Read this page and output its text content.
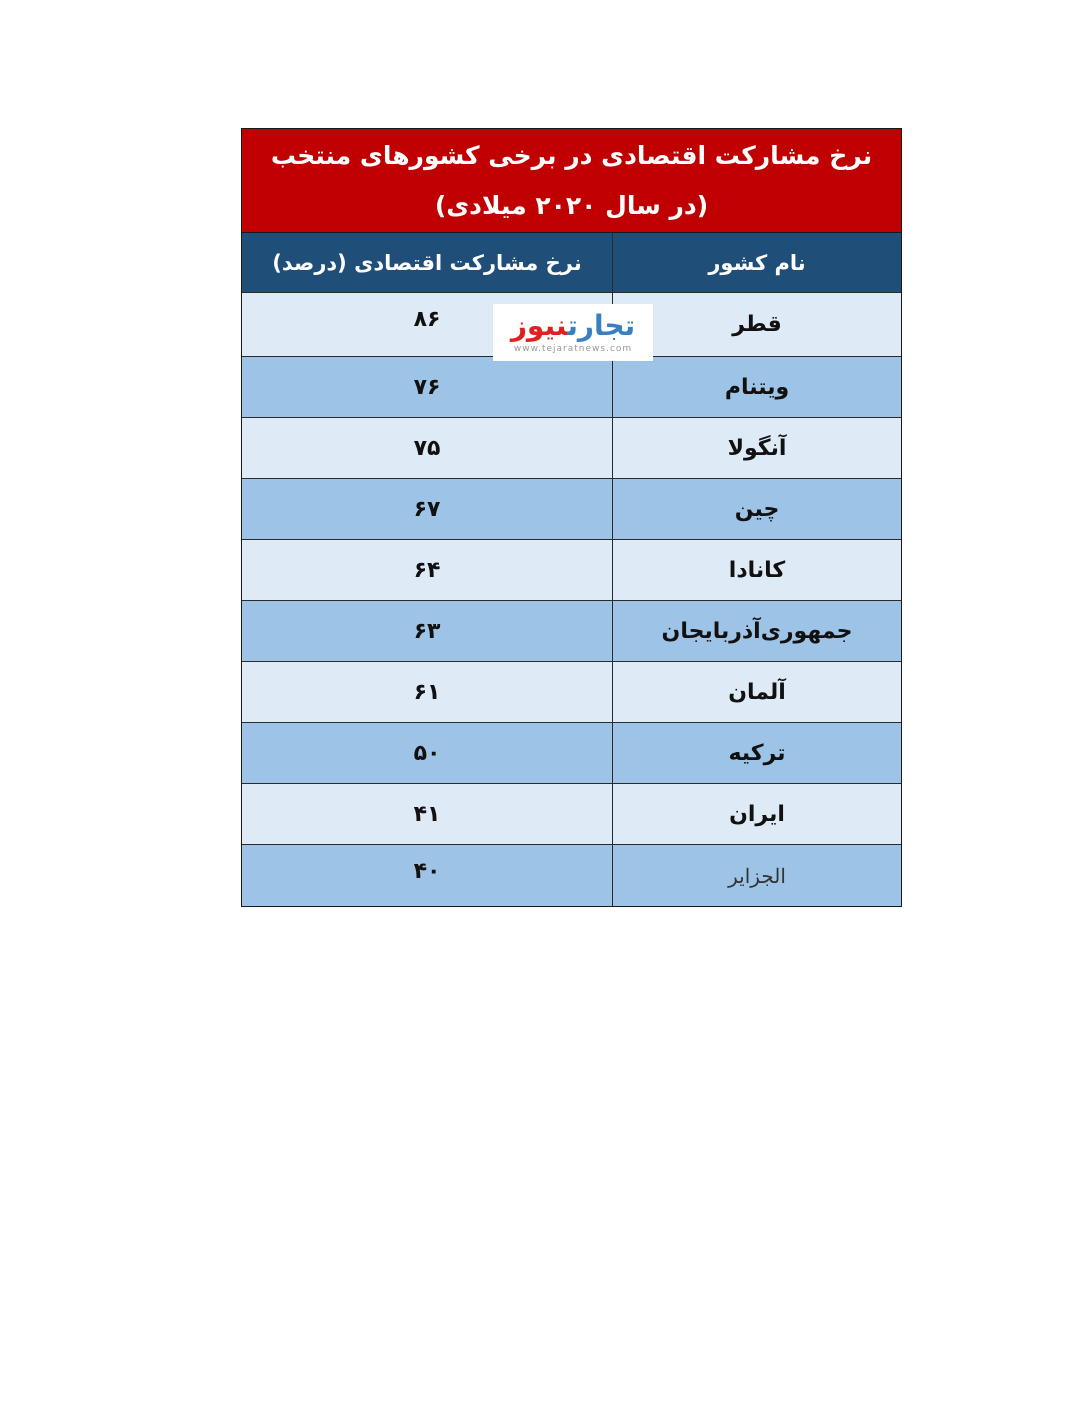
نرخ مشارکت اقتصادی در برخی کشورهای منتخب
(در سال ۲۰۲۰ میلادی)
نام کشور
نرخ مشارکت اقتصادی (درصد)
قطر
۸۶
ویتنام
۷۶
آنگولا
۷۵
چین
۶۷
کانادا
۶۴
جمهوری‌آذربایجان
۶۳
آلمان
۶۱
ترکیه
۵۰
ایران
۴۱
الجزایر
۴۰
تجارتنیوز
www.tejaratnews.com
